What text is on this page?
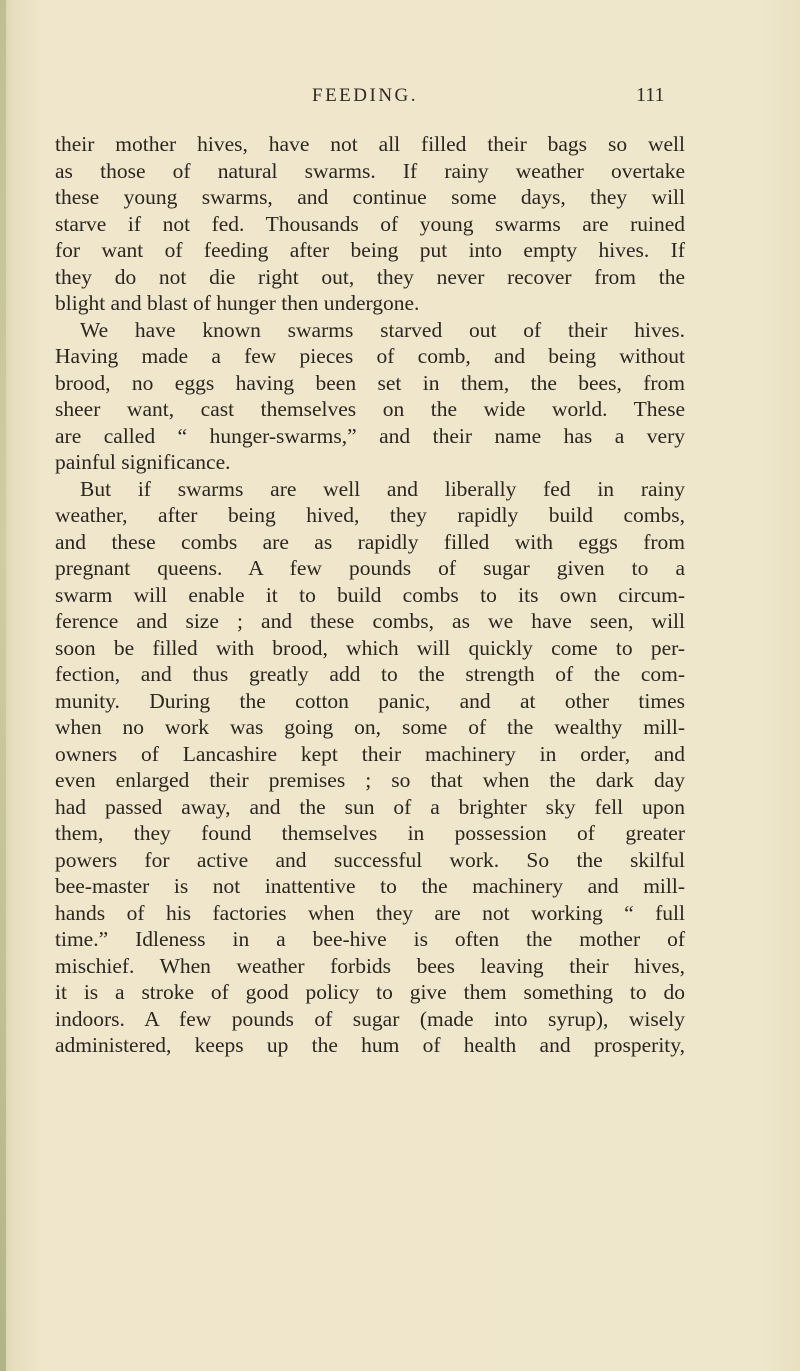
FEEDING.	111
their mother hives, have not all filled their bags so well
as those of natural swarms. If rainy weather overtake
these young swarms, and continue some days, they will
starve if not fed. Thousands of young swarms are ruined
for want of feeding after being put into empty hives. If
they do not die right out, they never recover from the
blight and blast of hunger then undergone.
We have known swarms starved out of their hives.
Having made a few pieces of comb, and being without
brood, no eggs having been set in them, the bees, from
sheer want, cast themselves on the wide world. These
are called “ hunger-swarms,” and their name has a very
painful significance.
But if swarms are well and liberally fed in rainy
weather, after being hived, they rapidly build combs,
and these combs are as rapidly filled with eggs from
pregnant queens. A few pounds of sugar given to a
swarm will enable it to build combs to its own circum-
ference and size ; and these combs, as we have seen, will
soon be filled with brood, which will quickly come to per-
fection, and thus greatly add to the strength of the com-
munity. During the cotton panic, and at other times
when no work was going on, some of the wealthy mill-
owners of Lancashire kept their machinery in order, and
even enlarged their premises ; so that when the dark day
had passed away, and the sun of a brighter sky fell upon
them, they found themselves in possession of greater
powers for active and successful work. So the skilful
bee-master is not inattentive to the machinery and mill-
hands of his factories when they are not working “ full
time.” Idleness in a bee-hive is often the mother of
mischief. When weather forbids bees leaving their hives,
it is a stroke of good policy to give them something to do
indoors. A few pounds of sugar (made into syrup), wisely
administered, keeps up the hum of health and prosperity,
